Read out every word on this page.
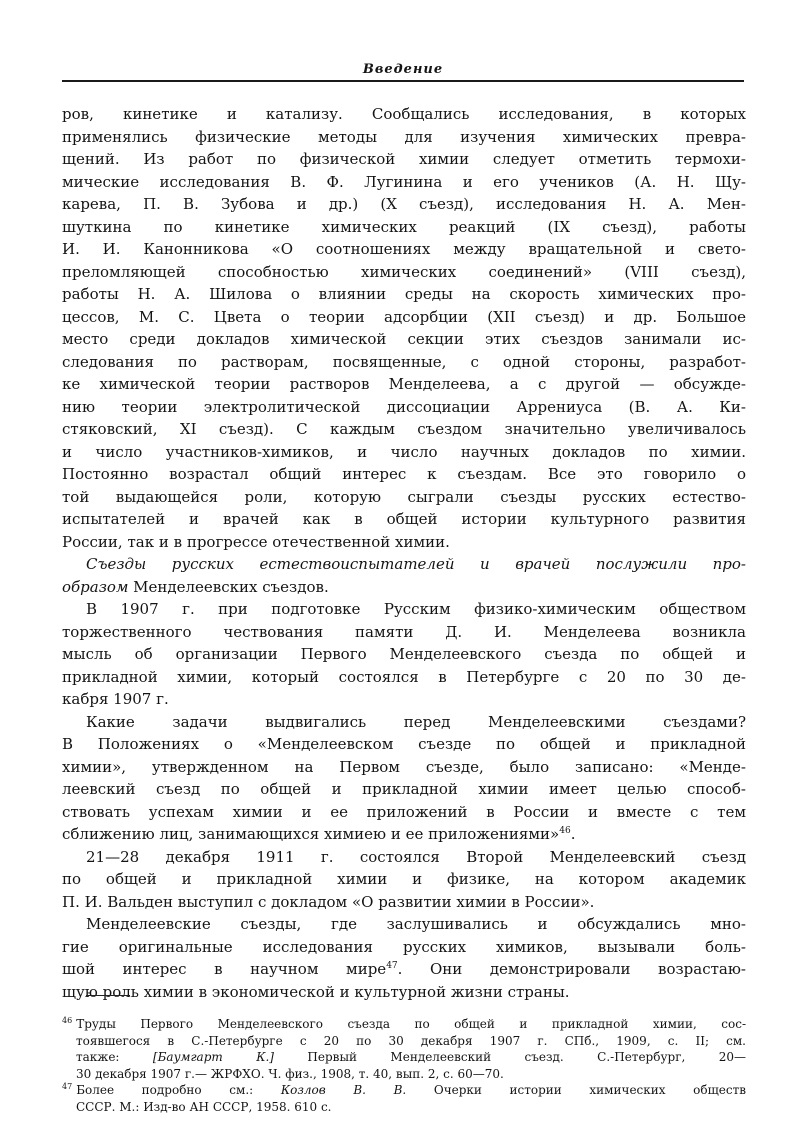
Введение
ров, кинетике и катализу. Сообщались исследования, в которых
применялись физические методы для изучения химических превра-
щений. Из работ по физической химии следует отметить термохи-
мические исследования В. Ф. Лугинина и его учеников (А. Н. Щу-
карева, П. В. Зубова и др.) (X съезд), исследования Н. А. Мен-
шуткина по кинетике химических реакций (IX съезд), работы
И. И. Канонникова «О соотношениях между вращательной и свето-
преломляющей способностью химических соединений» (VIII съезд),
работы Н. А. Шилова о влиянии среды на скорость химических про-
цессов, М. С. Цвета о теории адсорбции (XII съезд) и др. Большое
место среди докладов химической секции этих съездов занимали ис-
следования по растворам, посвященные, с одной стороны, разработ-
ке химической теории растворов Менделеева, а с другой — обсужде-
нию теории электролитической диссоциации Аррениуса (В. А. Ки-
стяковский, XI съезд). С каждым съездом значительно увеличивалось
и число участников-химиков, и число научных докладов по химии.
Постоянно возрастал общий интерес к съездам. Все это говорило о
той выдающейся роли, которую сыграли съезды русских естество-
испытателей и врачей как в общей истории культурного развития
России, так и в прогрессе отечественной химии.
Съезды русских естествоиспытателей и врачей послужили про-
образом Менделеевских съездов.
В 1907 г. при подготовке Русским физико-химическим обществом
торжественного чествования памяти Д. И. Менделеева возникла
мысль об организации Первого Менделеевского съезда по общей и
прикладной химии, который состоялся в Петербурге с 20 по 30 де-
кабря 1907 г.
Какие задачи выдвигались перед Менделеевскими съездами?
В Положениях о «Менделеевском съезде по общей и прикладной
химии», утвержденном на Первом съезде, было записано: «Менде-
леевский съезд по общей и прикладной химии имеет целью способ-
ствовать успехам химии и ее приложений в России и вместе с тем
сближению лиц, занимающихся химиею и ее приложениями»$^{46}$.
21—28 декабря 1911 г. состоялся Второй Менделеевский съезд
по общей и прикладной химии и физике, на котором академик
П. И. Вальден выступил с докладом «О развитии химии в России».
Менделеевские съезды, где заслушивались и обсуждались мно-
гие оригинальные исследования русских химиков, вызывали боль-
шой интерес в научном мире$^{47}$. Они демонстрировали возрастаю-
щую роль химии в экономической и культурной жизни страны.
$^{46}$ Труды Первого Менделеевского съезда по общей и прикладной химии, сос-
тоявшегося в С.-Петербурге с 20 по 30 декабря 1907 г. СПб., 1909, с. II; см.
также: [Баумгарт К.] Первый Менделеевский съезд. С.-Петербург, 20—
30 декабря 1907 г.— ЖРФХО. Ч. физ., 1908, т. 40, вып. 2, с. 60—70.
$^{47}$ Более подробно см.: Козлов В. В. Очерки истории химических обществ
СССР. М.: Изд-во АН СССР, 1958. 610 с.
